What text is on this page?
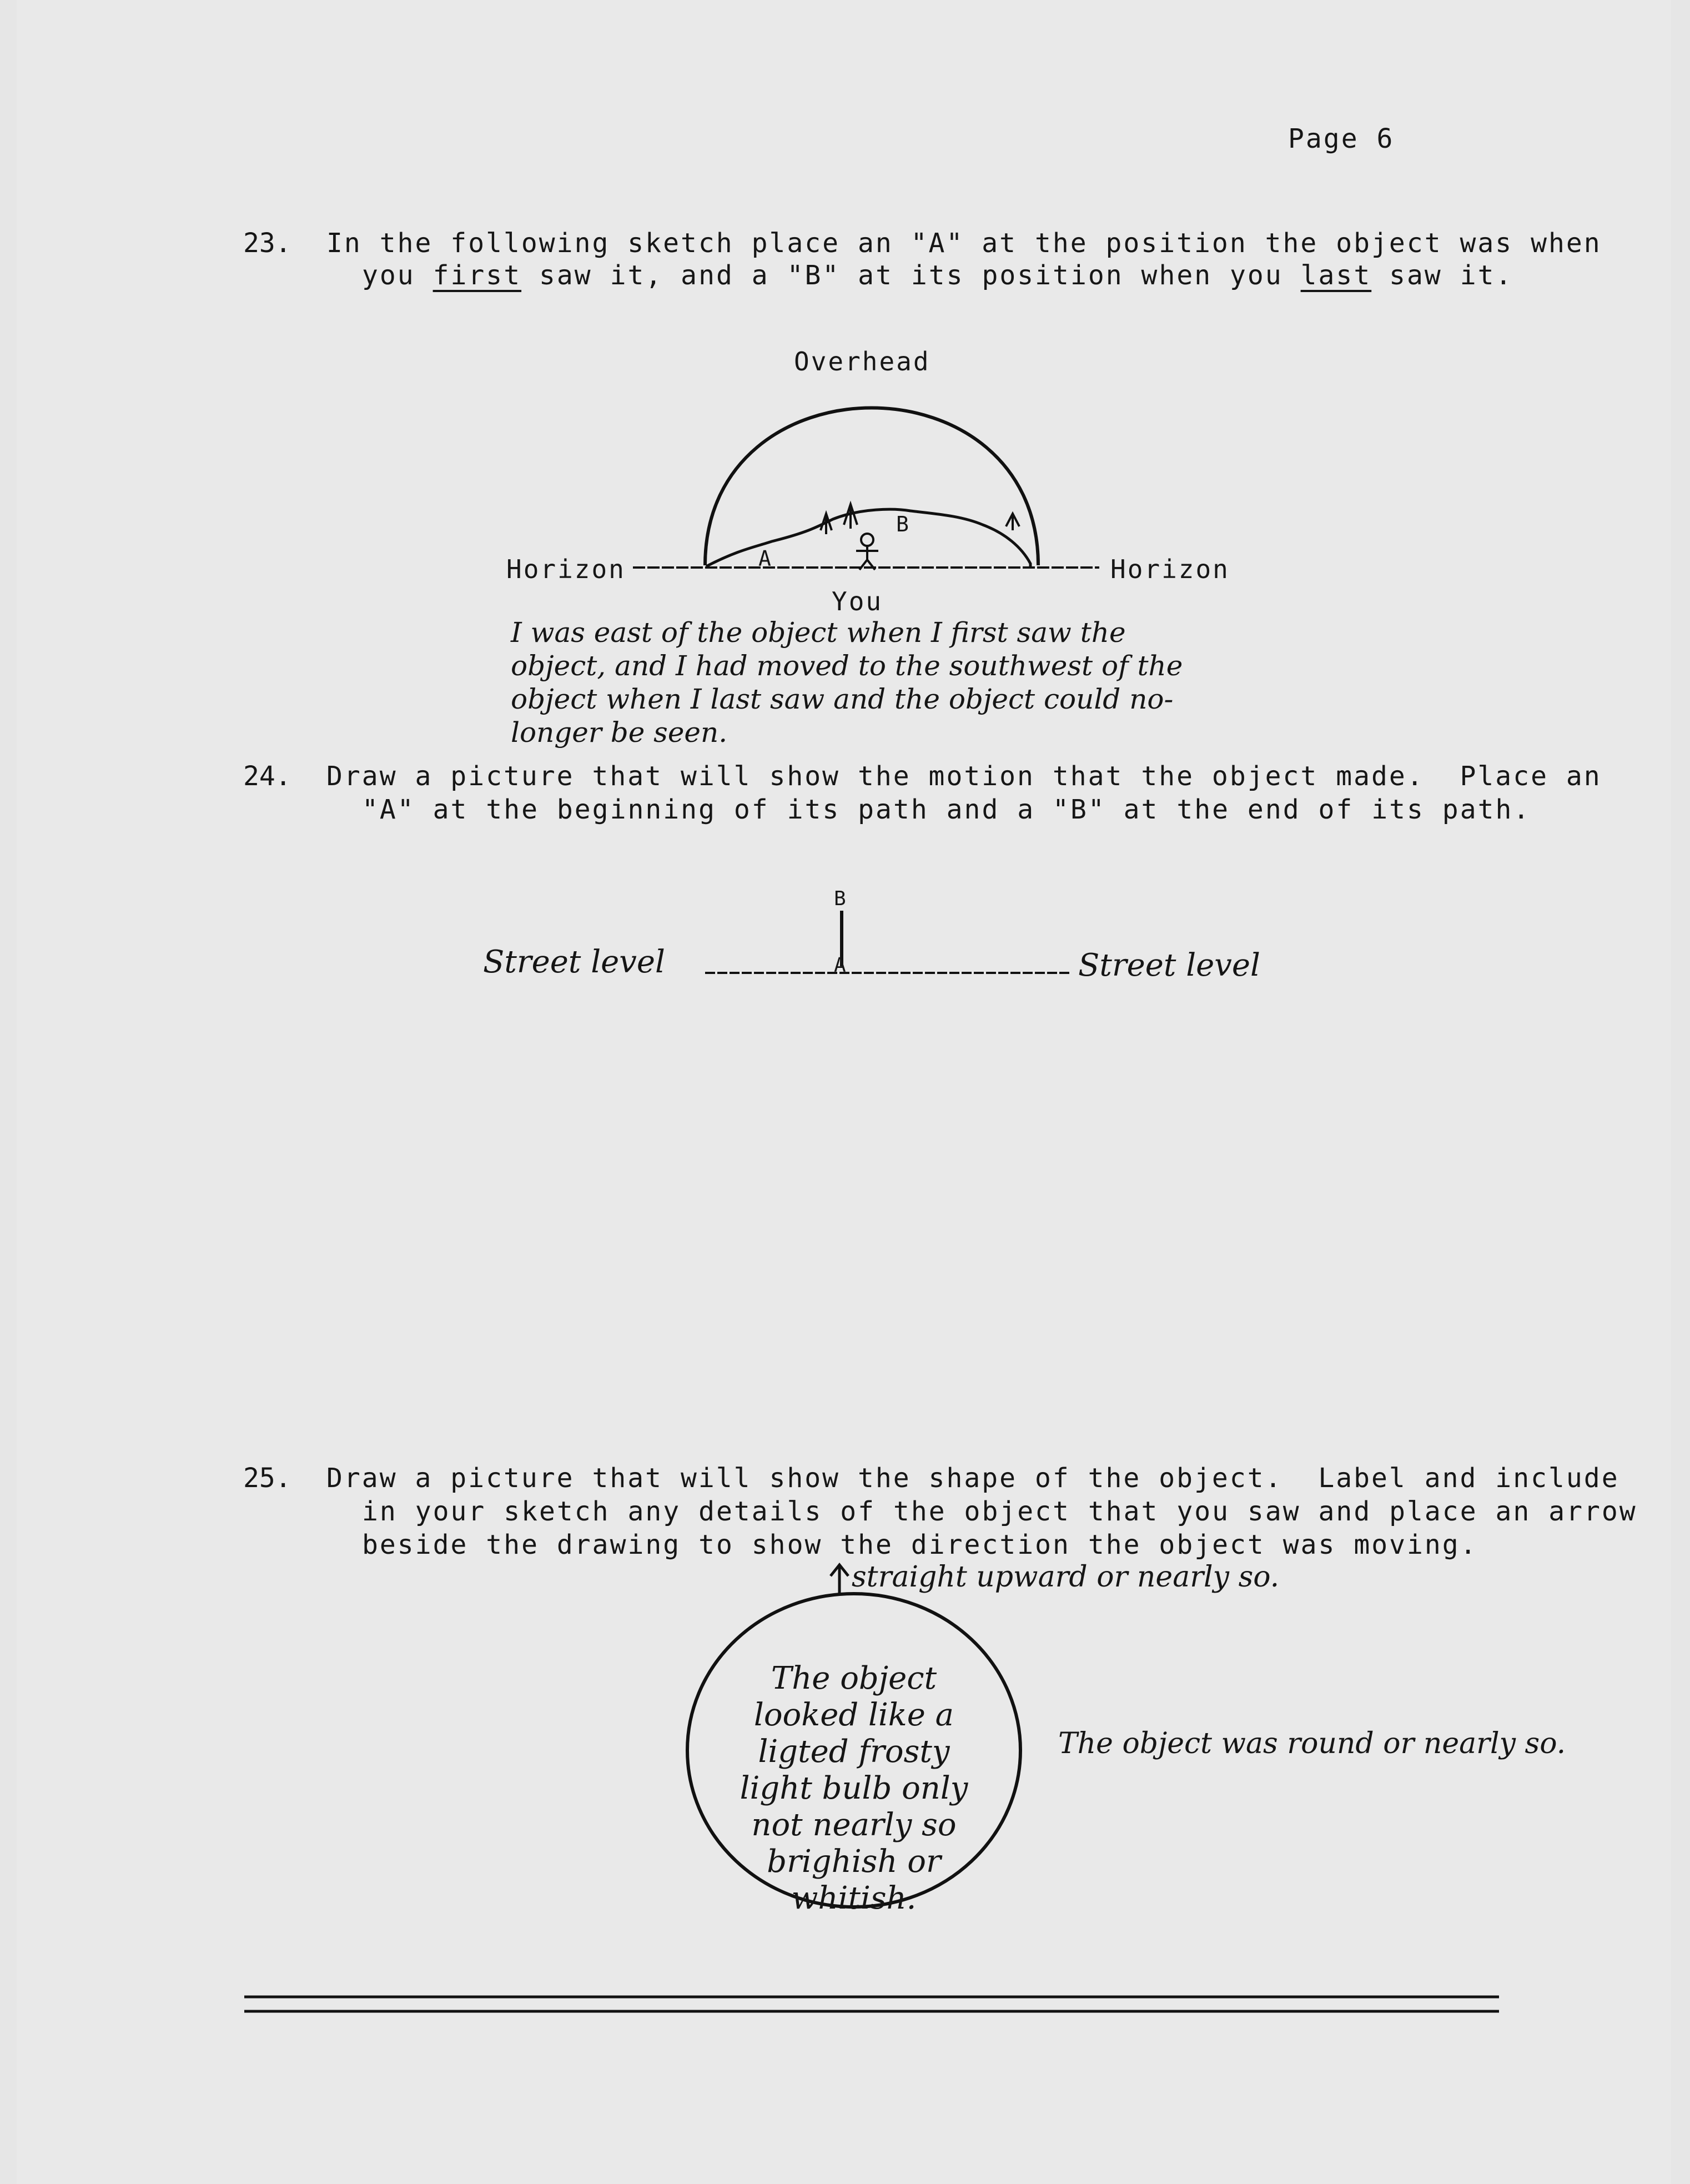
Page 6
23. In the following sketch place an "A" at the position the object was when
you first saw it, and a "B" at its position when you last saw it.
Overhead
Horizon	Horizon
You
A
B
I was east of the object when I first saw the
object, and I had moved to the southwest of the
object when I last saw and the object could no-
longer be seen.
24. Draw a picture that will show the motion that the object made.  Place an
"A" at the beginning of its path and a "B" at the end of its path.
B
A
Street level	Street level
25. Draw a picture that will show the shape of the object.  Label and include
in your sketch any details of the object that you saw and place an arrow
beside the drawing to show the direction the object was moving.
straight upward or nearly so.
The object
looked like a
ligted frosty
light bulb only
not nearly so
brighish or
whitish.
The object was round or nearly so.
